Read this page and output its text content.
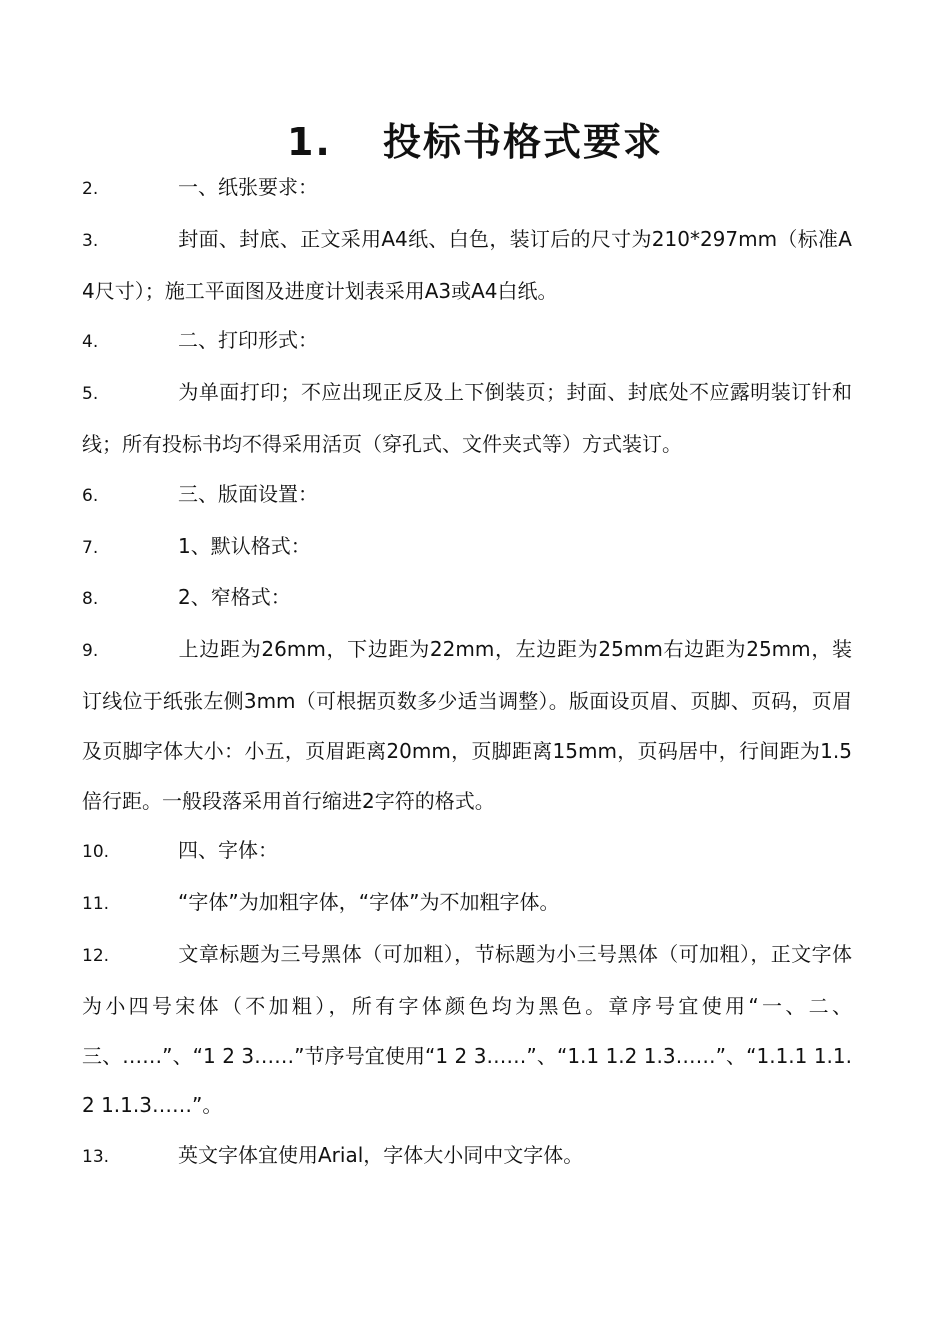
1. 投标书格式要求
2.	一、纸张要求：
3.	封面、封底、正文采用A4纸、白色，装订后的尺寸为210*297mm（标准A4尺寸）；施工平面图及进度计划表采用A3或A4白纸。
4.	二、打印形式：
5.	为单面打印；不应出现正反及上下倒装页；封面、封底处不应露明装订针和线；所有投标书均不得采用活页（穿孔式、文件夹式等）方式装订。
6.	三、版面设置：
7.	1、默认格式：
8.	2、窄格式：
9.	上边距为26mm，下边距为22mm，左边距为25mm右边距为25mm，装订线位于纸张左侧3mm（可根据页数多少适当调整）。版面设页眉、页脚、页码，页眉及页脚字体大小：小五，页眉距离20mm，页脚距离15mm，页码居中，行间距为1.5倍行距。一般段落采用首行缩进2字符的格式。
10.	四、字体：
11.	“字体”为加粗字体，“字体”为不加粗字体。
12.	文章标题为三号黑体（可加粗），节标题为小三号黑体（可加粗），正文字体为小四号宋体（不加粗），所有字体颜色均为黑色。章序号宜使用“一、二、三、……”、“1 2 3……”节序号宜使用“1 2 3……”、“1.1 1.2 1.3……”、“1.1.1 1.1.2 1.1.3……”。
13.	英文字体宜使用Arial，字体大小同中文字体。
